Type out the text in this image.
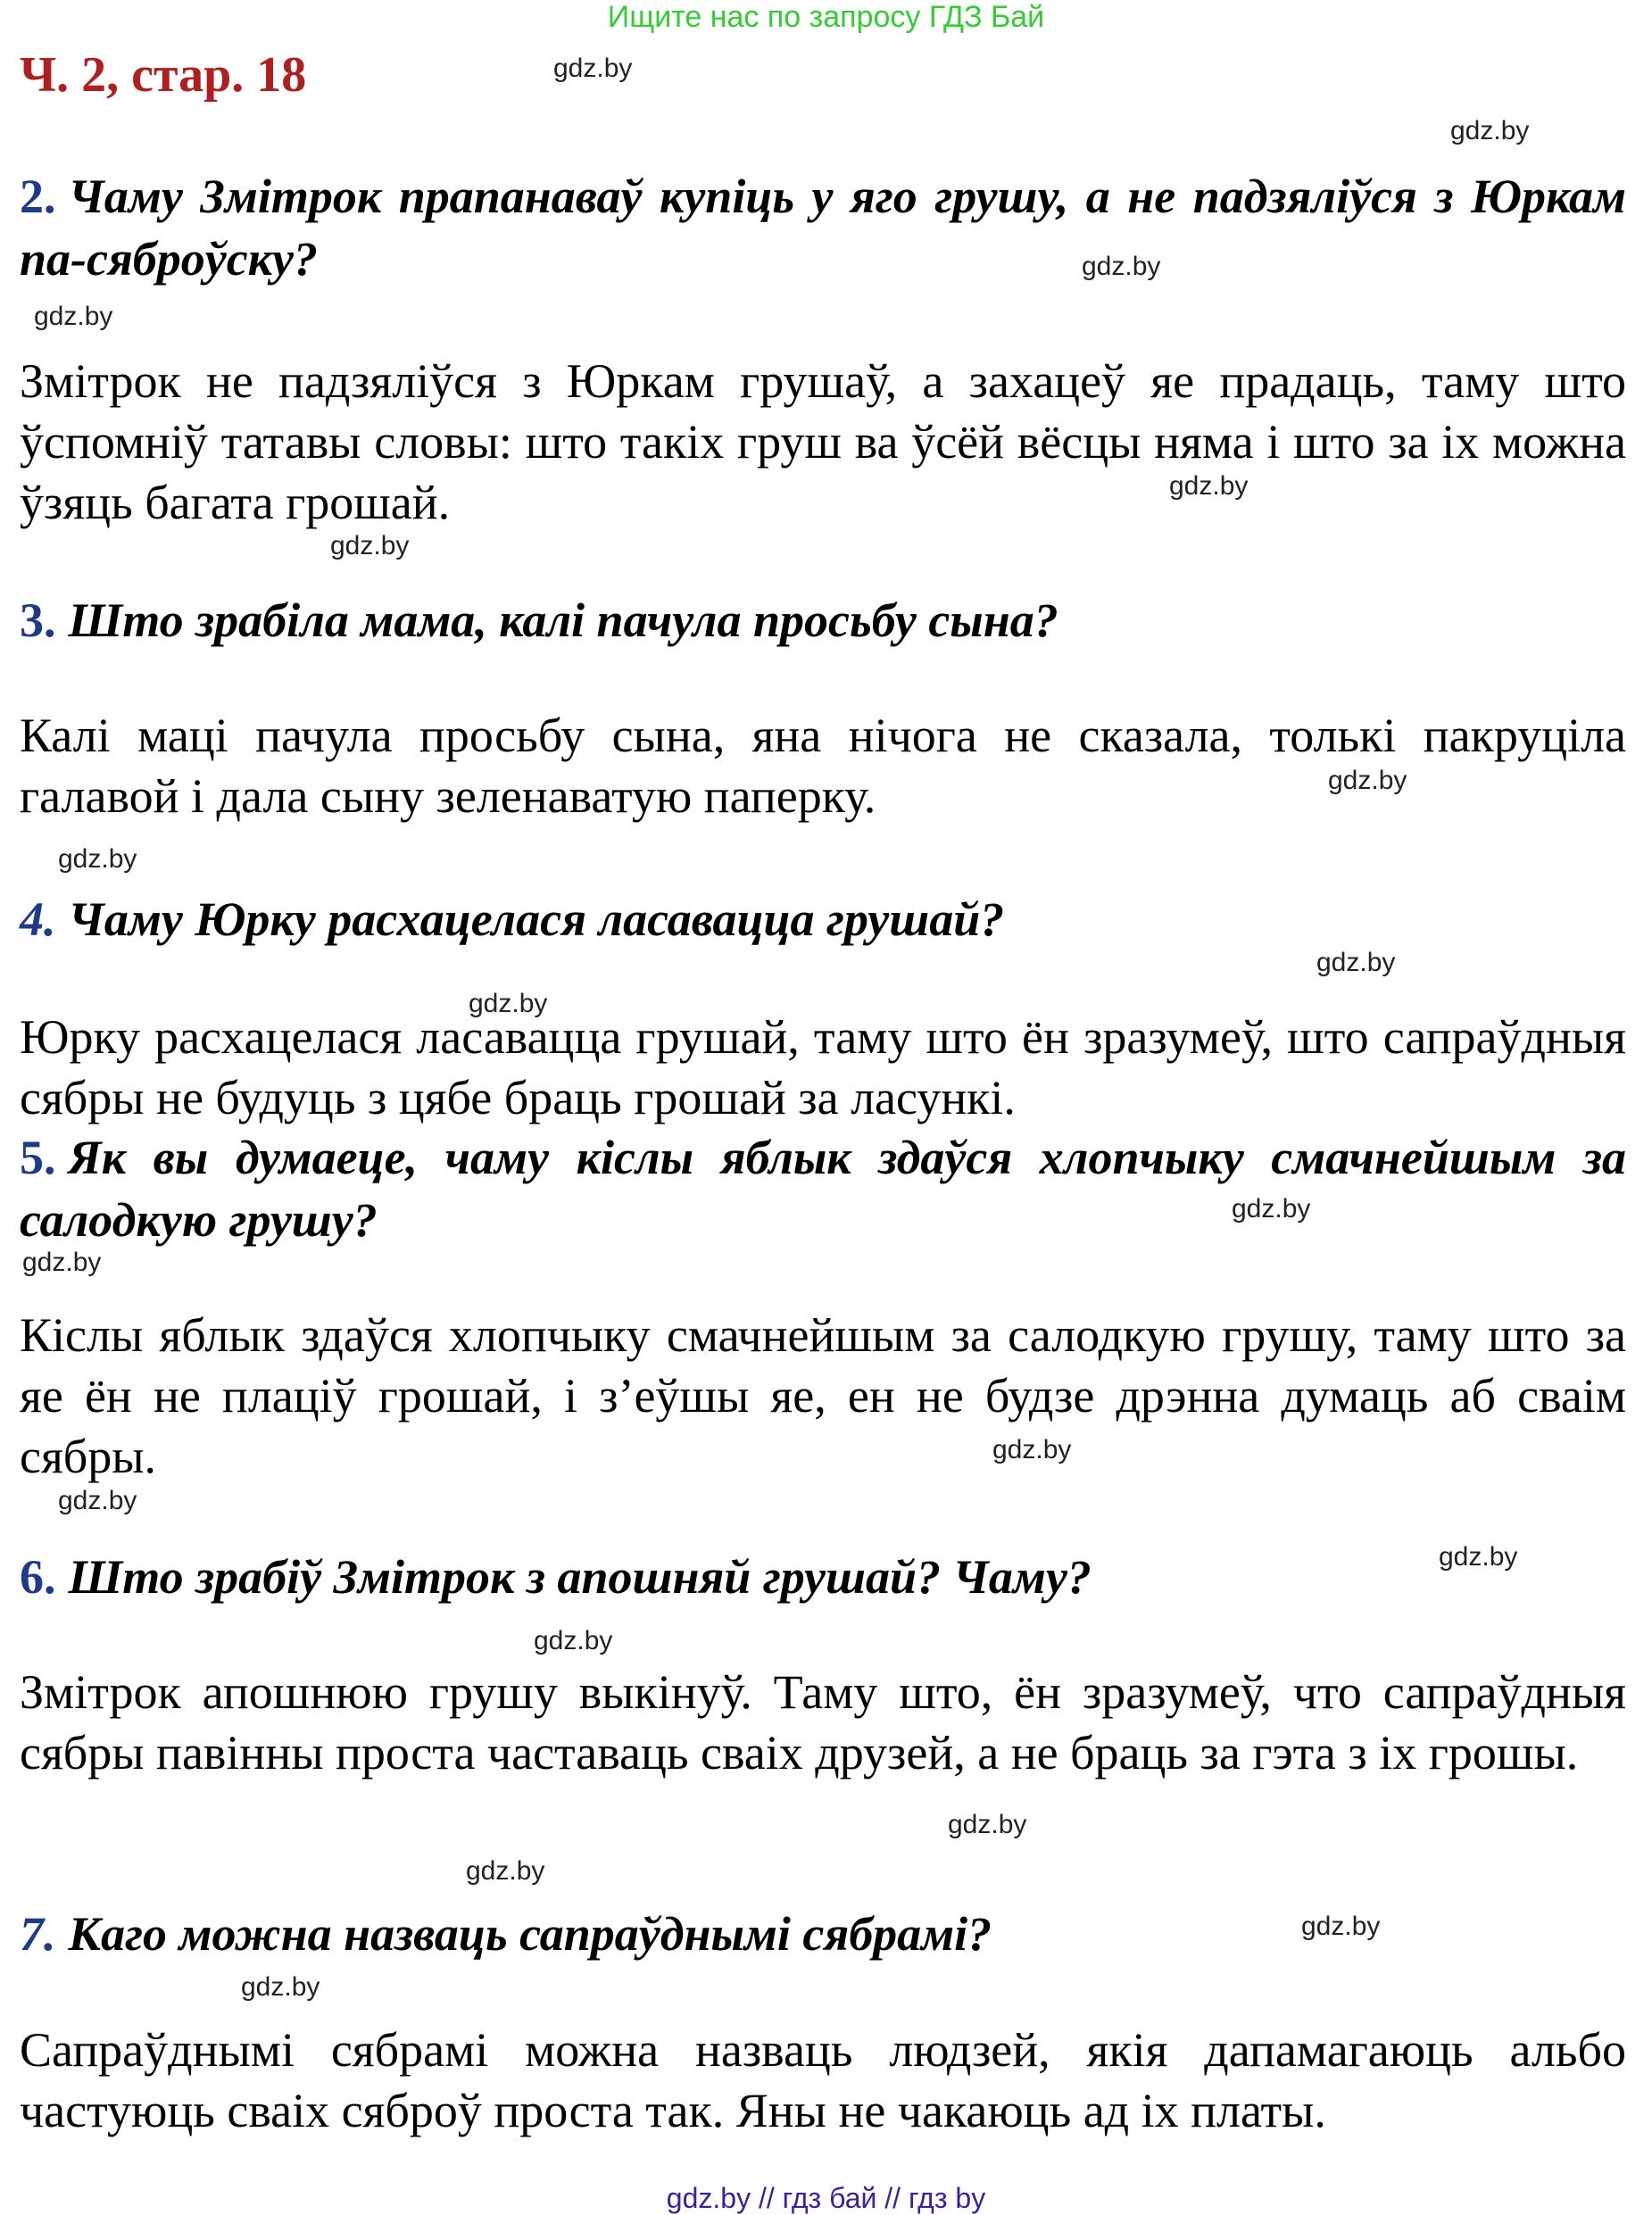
Ищите нас по запросу ГДЗ Бай
Ч. 2, стар. 18	gdz.by
gdz.by
gdz.by
gdz.by
gdz.by
gdz.by
gdz.by
gdz.by
gdz.by
gdz.by
gdz.by
gdz.by
gdz.by
gdz.by
gdz.by
gdz.by
gdz.by
gdz.by
gdz.by
gdz.by
2. Чаму Змітрок прапанаваў купіць у яго грушу, а не падзяліўся з Юркам па-сяброўску?
Змітрок не падзяліўся з Юркам грушаў, а захацеў яе прадаць, таму што ўспомніў татавы словы: што такіх груш ва ўсёй вёсцы няма і што за іх можна ўзяць багата грошай.
3. Што зрабіла мама, калі пачула просьбу сына?
Калі маці пачула просьбу сына, яна нічога не сказала, толькі пакруціла галавой і дала сыну зеленаватую паперку.
4. Чаму Юрку расхацелася ласавацца грушай?
Юрку расхацелася ласавацца грушай, таму што ён зразумеў, што сапраўдныя сябры не будуць з цябе браць грошай за ласункі.
5. Як вы думаеце, чаму кіслы яблык здаўся хлопчыку смачнейшым за салодкую грушу?
Кіслы яблык здаўся хлопчыку смачнейшым за салодкую грушу, таму што за яе ён не плаціў грошай, і з’еўшы яе, ен не будзе дрэнна думаць аб сваім сябры.
6. Што зрабіў Змітрок з апошняй грушай? Чаму?
Змітрок апошнюю грушу выкінуў. Таму што, ён зразумеў, что сапраўдныя сябры павінны проста частаваць сваіх друзей, а не браць за гэта з іх грошы.
7. Каго можна назваць сапраўднымі сябрамі?
Сапраўднымі сябрамі можна назваць людзей, якія дапамагаюць альбо частуюць сваіх сяброў проста так. Яны не чакаюць ад іх платы.
gdz.by // гдз бай // гдз by
